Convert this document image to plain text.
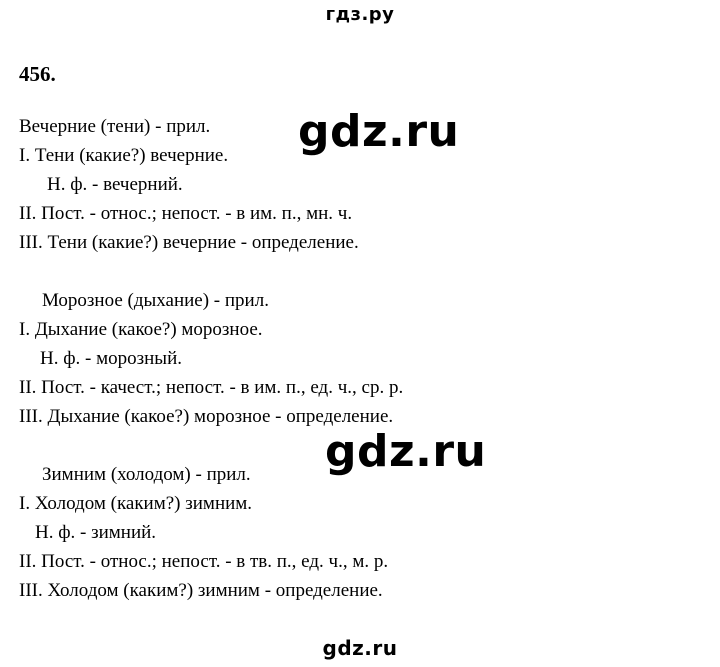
гдз.ру
456.
Вечерние (тени) - прил.
I. Тени (какие?) вечерние.
Н. ф. - вечерний.
II. Пост. - относ.; непост. - в им. п., мн. ч.
III. Тени (какие?) вечерние - определение.
Морозное (дыхание) - прил.
I. Дыхание (какое?) морозное.
Н. ф. - морозный.
II. Пост. - качест.; непост. - в им. п., ед. ч., ср. р.
III. Дыхание (какое?) морозное - определение.
Зимним (холодом) - прил.
I. Холодом (каким?) зимним.
Н. ф. - зимний.
II. Пост. - относ.; непост. - в тв. п., ед. ч., м. р.
III. Холодом (каким?) зимним - определение.
gdz.ru
gdz.ru
gdz.ru
